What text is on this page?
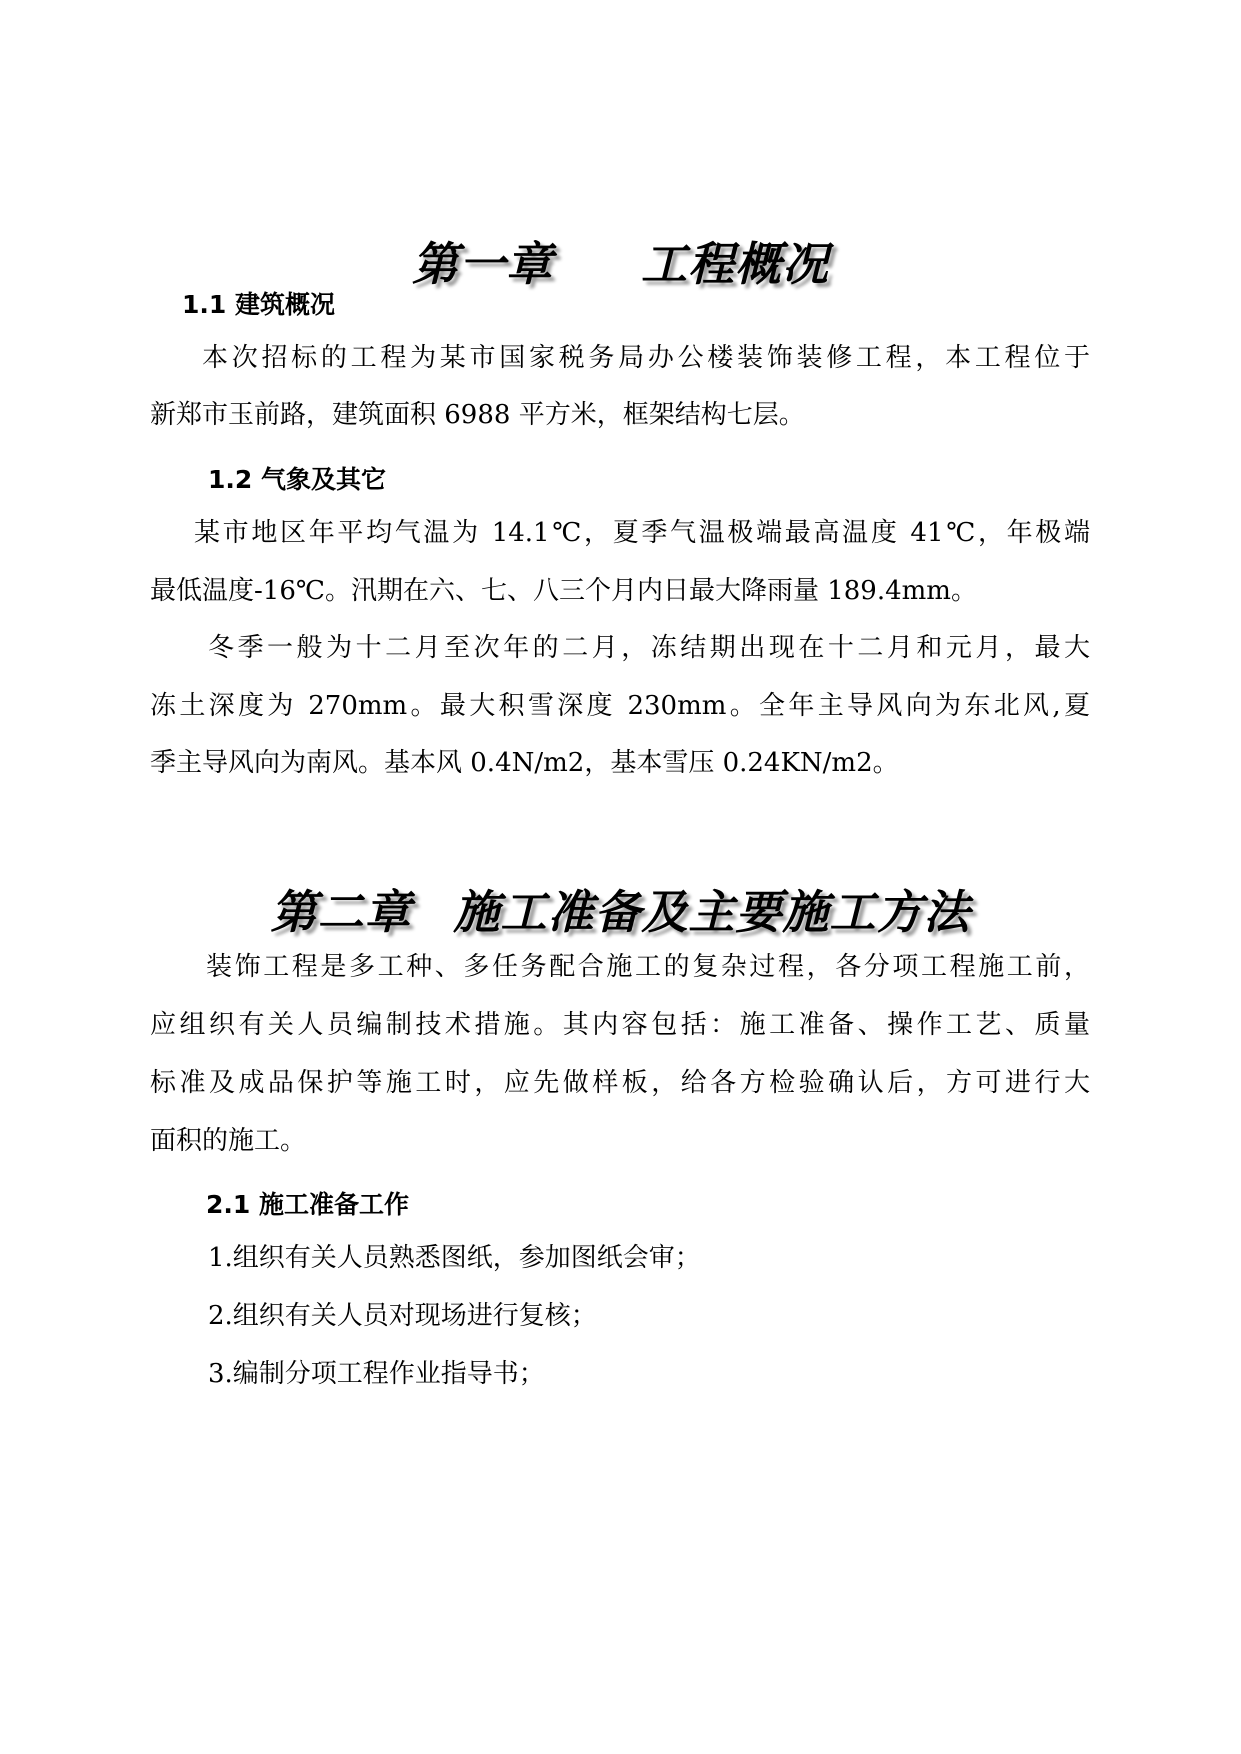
第一章 工程概况
1.1 建筑概况
本次招标的工程为某市国家税务局办公楼装饰装修工程，本工程位于
新郑市玉前路，建筑面积 6988 平方米，框架结构七层。
1.2 气象及其它
某市地区年平均气温为 14.1℃，夏季气温极端最高温度 41℃，年极端
最低温度-16℃。汛期在六、七、八三个月内日最大降雨量 189.4mm。
冬季一般为十二月至次年的二月，冻结期出现在十二月和元月，最大
冻土深度为 270mm。最大积雪深度 230mm。全年主导风向为东北风,夏
季主导风向为南风。基本风 0.4N/m2，基本雪压 0.24KN/m2。
第二章 施工准备及主要施工方法
装饰工程是多工种、多任务配合施工的复杂过程，各分项工程施工前，
应组织有关人员编制技术措施。其内容包括：施工准备、操作工艺、质量
标准及成品保护等施工时，应先做样板，给各方检验确认后，方可进行大
面积的施工。
2.1 施工准备工作
1.组织有关人员熟悉图纸，参加图纸会审；
2.组织有关人员对现场进行复核；
3.编制分项工程作业指导书；
